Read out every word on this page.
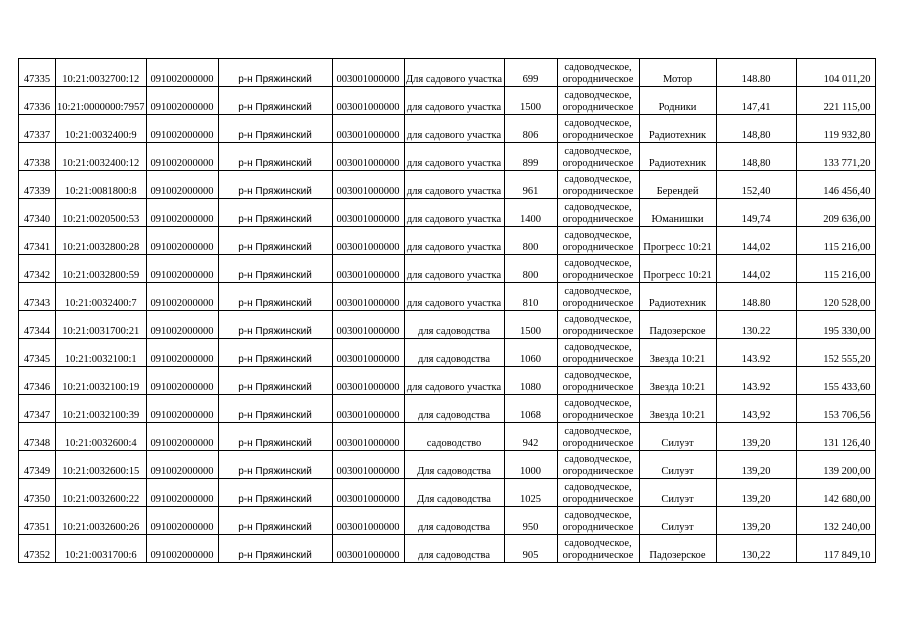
47335	10:21:0032700:12	091002000000	р-н Пряжинский	003001000000	Для садового участка	699	садоводческое, огородническое	Мотор	148.80	104 011,20
47336	10:21:0000000:7957	091002000000	р-н Пряжинский	003001000000	для садового участка	1500	садоводческое, огородническое	Родники	147,41	221 115,00
47337	10:21:0032400:9	091002000000	р-н Пряжинский	003001000000	для садового участка	806	садоводческое, огородническое	Радиотехник	148,80	119 932,80
47338	10:21:0032400:12	091002000000	р-н Пряжинский	003001000000	для садового участка	899	садоводческое, огородническое	Радиотехник	148,80	133 771,20
47339	10:21:0081800:8	091002000000	р-н Пряжинский	003001000000	для садового участка	961	садоводческое, огородническое	Берендей	152,40	146 456,40
47340	10:21:0020500:53	091002000000	р-н Пряжинский	003001000000	для садового участка	1400	садоводческое, огородническое	Юманишки	149,74	209 636,00
47341	10:21:0032800:28	091002000000	р-н Пряжинский	003001000000	для садового участка	800	садоводческое, огородническое	Прогресс 10:21	144,02	115 216,00
47342	10:21:0032800:59	091002000000	р-н Пряжинский	003001000000	для садового участка	800	садоводческое, огородническое	Прогресс 10:21	144,02	115 216,00
47343	10:21:0032400:7	091002000000	р-н Пряжинский	003001000000	для садового участка	810	садоводческое, огородническое	Радиотехник	148.80	120 528,00
47344	10:21:0031700:21	091002000000	р-н Пряжинский	003001000000	для садоводства	1500	садоводческое, огородническое	Падозерское	130.22	195 330,00
47345	10:21:0032100:1	091002000000	р-н Пряжинский	003001000000	для садоводства	1060	садоводческое, огородническое	Звезда 10:21	143.92	152 555,20
47346	10:21:0032100:19	091002000000	р-н Пряжинский	003001000000	для садового участка	1080	садоводческое, огородническое	Звезда 10:21	143.92	155 433,60
47347	10:21:0032100:39	091002000000	р-н Пряжинский	003001000000	для садоводства	1068	садоводческое, огородническое	Звезда 10:21	143,92	153 706,56
47348	10:21:0032600:4	091002000000	р-н Пряжинский	003001000000	садоводство	942	садоводческое, огородническое	Силуэт	139,20	131 126,40
47349	10:21:0032600:15	091002000000	р-н Пряжинский	003001000000	Для садоводства	1000	садоводческое, огородническое	Силуэт	139,20	139 200,00
47350	10:21:0032600:22	091002000000	р-н Пряжинский	003001000000	Для садоводства	1025	садоводческое, огородническое	Силуэт	139,20	142 680,00
47351	10:21:0032600:26	091002000000	р-н Пряжинский	003001000000	для садоводства	950	садоводческое, огородническое	Силуэт	139,20	132 240,00
47352	10:21:0031700:6	091002000000	р-н Пряжинский	003001000000	для садоводства	905	садоводческое, огородническое	Падозерское	130,22	117 849,10
